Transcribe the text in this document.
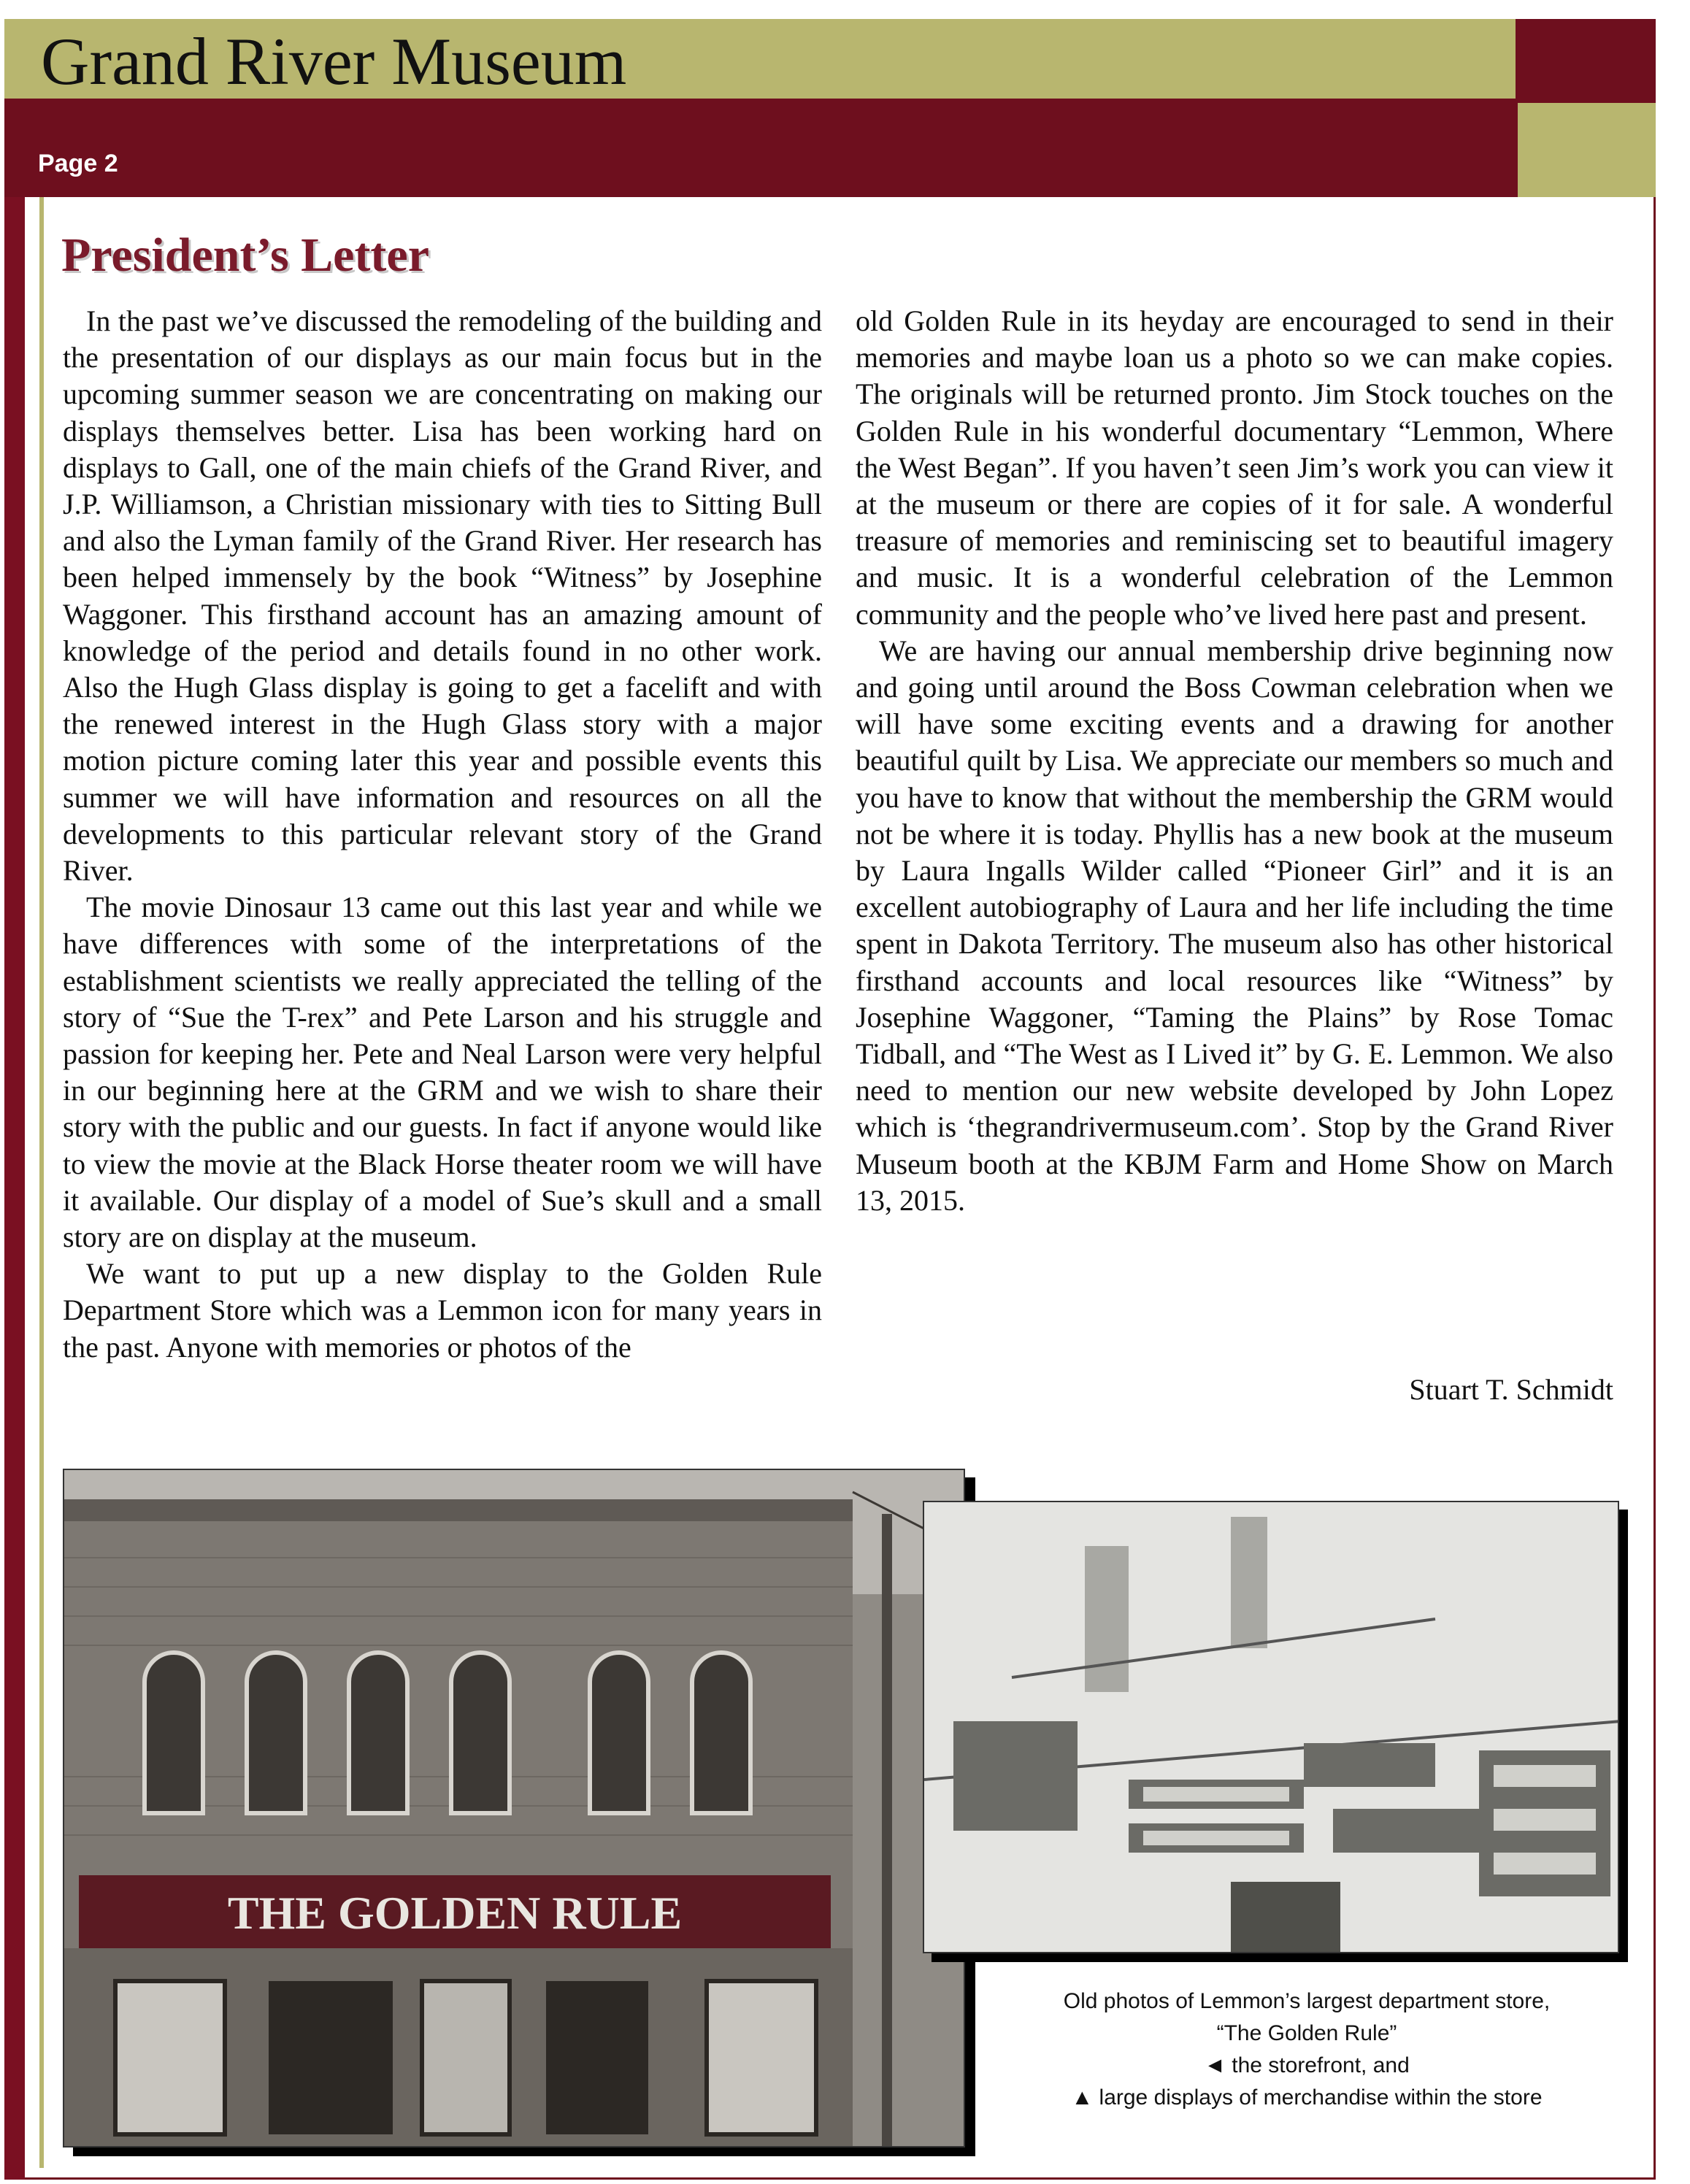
Grand River Museum
Page 2
President’s Letter

In the past we’ve discussed the remodeling of the building and the presentation of our displays as our main focus but in the upcoming summer season we are concentrating on making our displays themselves better. Lisa has been working hard on displays to Gall, one of the main chiefs of the Grand River, and J.P. Williamson, a Christian missionary with ties to Sitting Bull and also the Lyman family of the Grand River. Her research has been helped immensely by the book “Witness” by Josephine Waggoner. This firsthand account has an amazing amount of knowledge of the period and details found in no other work. Also the Hugh Glass display is going to get a facelift and with the renewed interest in the Hugh Glass story with a major motion picture coming later this year and possible events this summer we will have information and resources on all the developments to this particular relevant story of the Grand River.

The movie Dinosaur 13 came out this last year and while we have differences with some of the interpretations of the establishment scientists we really appreciated the telling of the story of “Sue the T-rex” and Pete Larson and his struggle and passion for keeping her. Pete and Neal Larson were very helpful in our beginning here at the GRM and we wish to share their story with the public and our guests. In fact if anyone would like to view the movie at the Black Horse theater room we will have it available. Our display of a model of Sue’s skull and a small story are on display at the museum.

We want to put up a new display to the Golden Rule Department Store which was a Lemmon icon for many years in the past. Anyone with memories or photos of the

old Golden Rule in its heyday are encouraged to send in their memories and maybe loan us a photo so we can make copies. The originals will be returned pronto. Jim Stock touches on the Golden Rule in his wonderful documentary “Lemmon, Where the West Began”. If you haven’t seen Jim’s work you can view it at the museum or there are copies of it for sale. A wonderful treasure of memories and reminiscing set to beautiful imagery and music. It is a wonderful celebration of the Lemmon community and the people who’ve lived here past and present.

We are having our annual membership drive beginning now and going until around the Boss Cowman celebration when we will have some exciting events and a drawing for another beautiful quilt by Lisa. We appreciate our members so much and you have to know that without the membership the GRM would not be where it is today. Phyllis has a new book at the museum by Laura Ingalls Wilder called “Pioneer Girl” and it is an excellent autobiography of Laura and her life including the time spent in Dakota Territory. The museum also has other historical firsthand accounts and local resources like “Witness” by Josephine Waggoner, “Taming the Plains” by Rose Tomac Tidball, and “The West as I Lived it” by G. E. Lemmon. We also need to mention our new website developed by John Lopez which is ‘thegrandrivermuseum.com’. Stop by the Grand River Museum booth at the KBJM Farm and Home Show on March 13, 2015.

Stuart T. Schmidt
THE GOLDEN RULE
Old photos of Lemmon’s largest department store,
“The Golden Rule”
◄ the storefront, and
▲ large displays of merchandise within the store
